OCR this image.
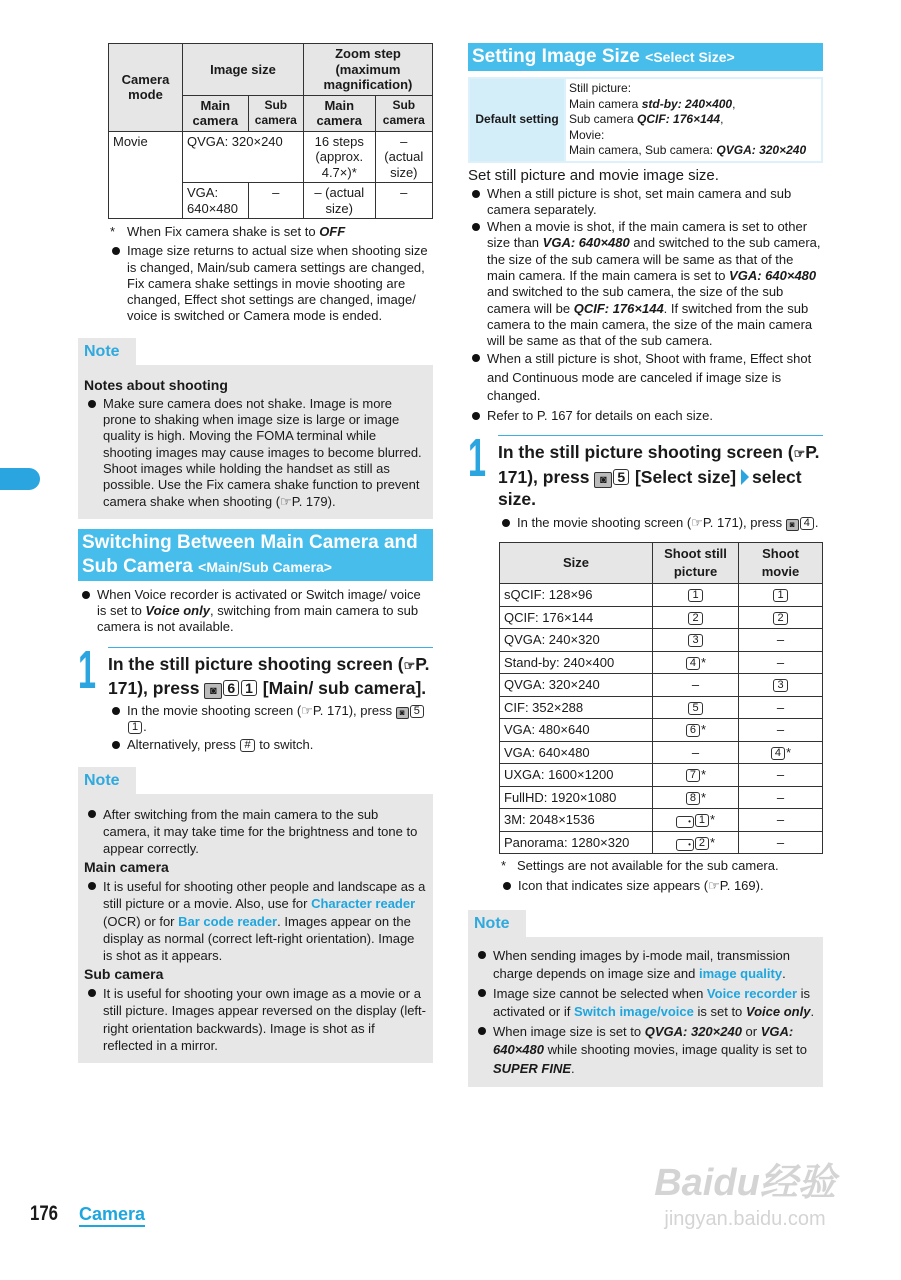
Camera mode	Image size		Zoom step (maximum magnification)	
	Main camera	Sub camera	Main camera	Sub camera
Movie	QVGA: 320×240		16 steps (approx. 4.7×)*	– (actual size)
	VGA: 640×480	–	– (actual size)	–
* When Fix camera shake is set to OFF
Image size returns to actual size when shooting size is changed, Main/sub camera settings are changed, Fix camera shake settings in movie shooting are changed, Effect shot settings are changed, image/ voice is switched or Camera mode is ended.
Note
Notes about shooting
Make sure camera does not shake. Image is more prone to shaking when image size is large or image quality is high. Moving the FOMA terminal while shooting images may cause images to become blurred. Shoot images while holding the handset as still as possible. Use the Fix camera shake function to prevent camera shake when shooting (☞P. 179).
Switching Between Main Camera and Sub Camera <Main/Sub Camera>
When Voice recorder is activated or Switch image/ voice is set to Voice only, switching from main camera to sub camera is not available.
1 In the still picture shooting screen (☞P. 171), press ◙ 6 1 [Main/ sub camera].
In the movie shooting screen (☞P. 171), press ◙ 51 .
Alternatively, press # to switch.
Note
After switching from the main camera to the sub camera, it may take time for the brightness and tone to appear correctly.
Main camera
It is useful for shooting other people and landscape as a still picture or a movie. Also, use for Character reader (OCR) or for Bar code reader. Images appear on the display as normal (correct left-right orientation). Image is shot as it appears.
Sub camera
It is useful for shooting your own image as a movie or a still picture. Images appear reversed on the display (left-right orientation backwards). Image is shot as if reflected in a mirror.
Setting Image Size <Select Size>
Default setting	Still picture:
Main camera std-by: 240×400,
Sub camera QCIF: 176×144,
Movie:
Main camera, Sub camera: QVGA: 320×240
Set still picture and movie image size.
When a still picture is shot, set main camera and sub camera separately.
When a movie is shot, if the main camera is set to other size than VGA: 640×480 and switched to the sub camera, the size of the sub camera will be same as that of the main camera. If the main camera is set to VGA: 640×480 and switched to the sub camera, the size of the sub camera will be QCIF: 176×144. If switched from the sub camera to the main camera, the size of the main camera will be same as that of the sub camera.
When a still picture is shot, Shoot with frame, Effect shot and Continuous mode are canceled if image size is changed.
Refer to P. 167 for details on each size.
1 In the still picture shooting screen (☞P. 171), press ◙ 5 [Select size] select size.
In the movie shooting screen (☞P. 171), press ◙ 4 .
Size	Shoot still picture	Shoot movie
sQCIF: 128×96	1	1
QCIF: 176×144	2	2
QVGA: 240×320	3	–
Stand-by: 240×400	4 *	–
QVGA: 320×240	–	3
CIF: 352×288	5	–
VGA: 480×640	6 *	–
VGA: 640×480	–	4 *
UXGA: 1600×1200	7 *	–
FullHD: 1920×1080	8 *	–
3M: 2048×1536	• 1 *	–
Panorama: 1280×320	• 2 *	–
* Settings are not available for the sub camera.
Icon that indicates size appears (☞P. 169).
Note
When sending images by i-mode mail, transmission charge depends on image size and image quality.
Image size cannot be selected when Voice recorder is activated or if Switch image/voice is set to Voice only.
When image size is set to QVGA: 320×240 or VGA: 640×480 while shooting movies, image quality is set to SUPER FINE.
176 Camera
Baidu经验
jingyan.baidu.com
